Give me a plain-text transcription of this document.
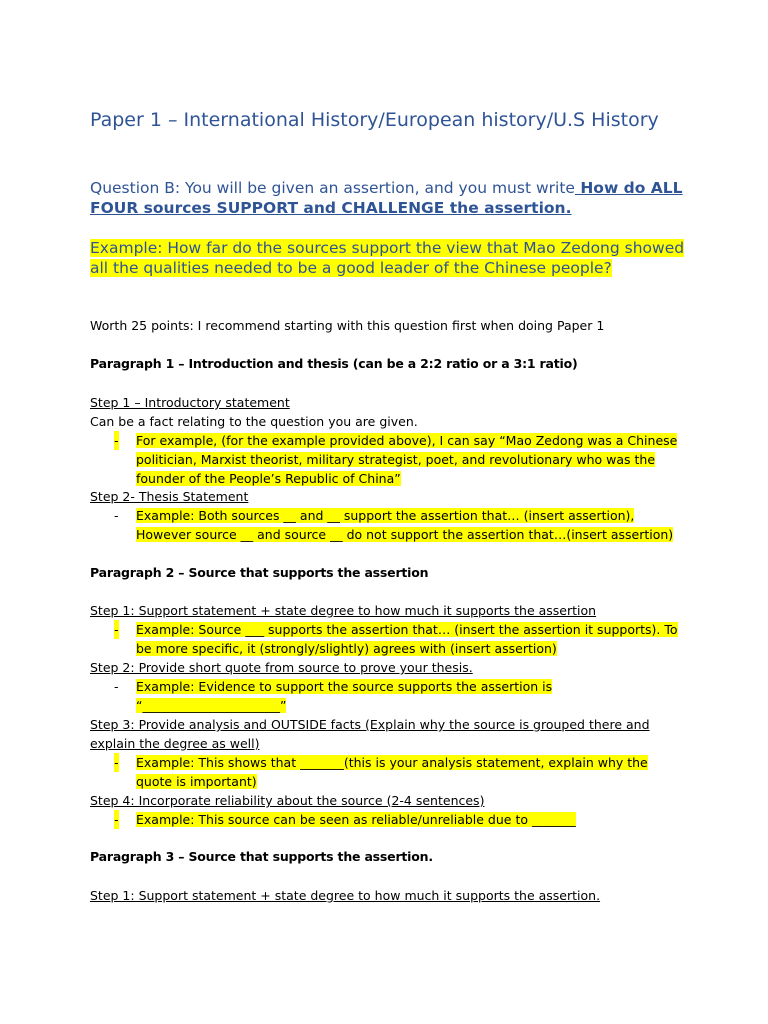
Paper 1 – International History/European history/U.S History
Question B: You will be given an assertion, and you must write How do ALL FOUR sources SUPPORT and CHALLENGE the assertion.
Example: How far do the sources support the view that Mao Zedong showed all the qualities needed to be a good leader of the Chinese people?
Worth 25 points: I recommend starting with this question first when doing Paper 1
Paragraph 1 – Introduction and thesis (can be a 2:2 ratio or a 3:1 ratio)
Step 1 – Introductory statement
Can be a fact relating to the question you are given.
- For example, (for the example provided above), I can say “Mao Zedong was a Chinese politician, Marxist theorist, military strategist, poet, and revolutionary who was the founder of the People’s Republic of China”
Step 2- Thesis Statement
- Example: Both sources __ and __ support the assertion that… (insert assertion), However source __ and source __ do not support the assertion that…(insert assertion)
Paragraph 2 – Source that supports the assertion
Step 1: Support statement + state degree to how much it supports the assertion
- Example: Source ___ supports the assertion that… (insert the assertion it supports). To be more specific, it (strongly/slightly) agrees with (insert assertion)
Step 2: Provide short quote from source to prove your thesis.
- Example: Evidence to support the source supports the assertion is “______________________”
Step 3: Provide analysis and OUTSIDE facts (Explain why the source is grouped there and explain the degree as well)
- Example: This shows that _______(this is your analysis statement, explain why the quote is important)
Step 4: Incorporate reliability about the source (2-4 sentences)
- Example: This source can be seen as reliable/unreliable due to _______
Paragraph 3 – Source that supports the assertion.
Step 1: Support statement + state degree to how much it supports the assertion.
